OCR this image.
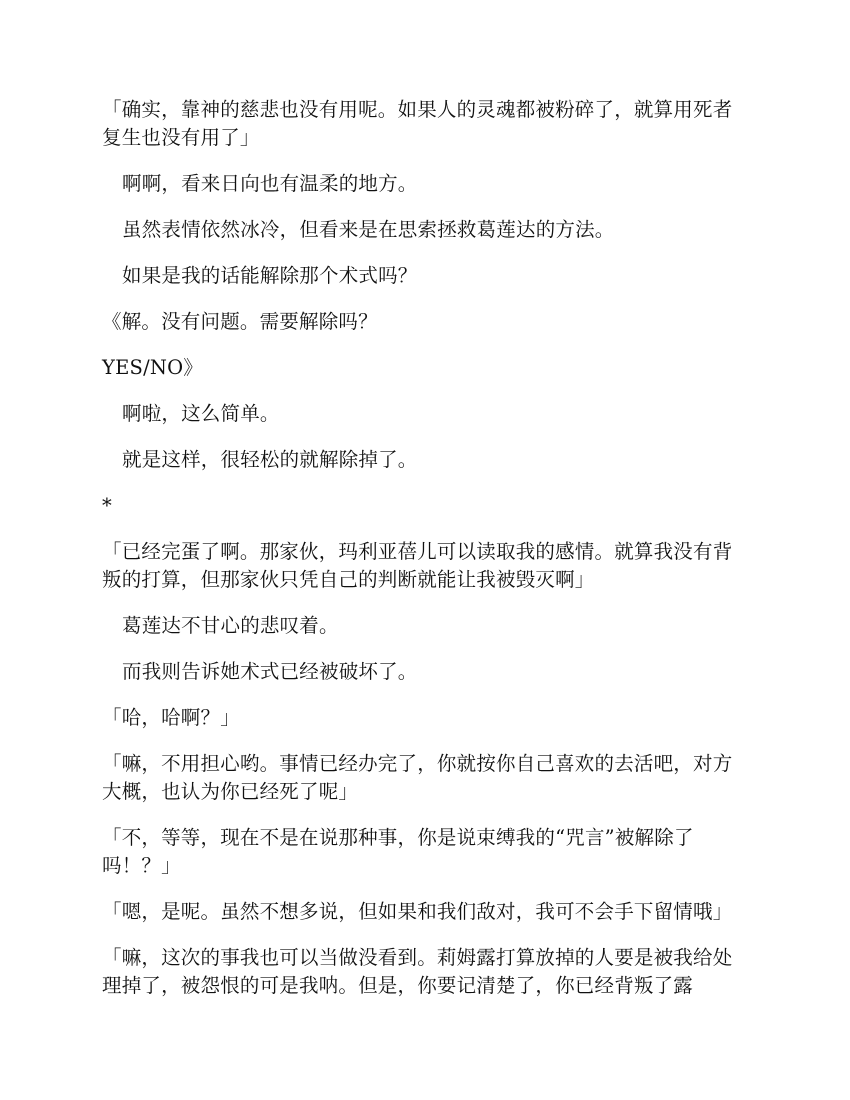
「确实，靠神的慈悲也没有用呢。如果人的灵魂都被粉碎了，就算用死者复生也没有用了」

啊啊，看来日向也有温柔的地方。

虽然表情依然冰冷，但看来是在思索拯救葛莲达的方法。

如果是我的话能解除那个术式吗？

《解。没有问题。需要解除吗？

YES/NO》

啊啦，这么简单。

就是这样，很轻松的就解除掉了。

*

「已经完蛋了啊。那家伙，玛利亚蓓儿可以读取我的感情。就算我没有背叛的打算，但那家伙只凭自己的判断就能让我被毁灭啊」

葛莲达不甘心的悲叹着。

而我则告诉她术式已经被破坏了。

「哈，哈啊？」

「嘛，不用担心哟。事情已经办完了，你就按你自己喜欢的去活吧，对方大概，也认为你已经死了呢」

「不，等等，现在不是在说那种事，你是说束缚我的“咒言”被解除了吗！？」

「嗯，是呢。虽然不想多说，但如果和我们敌对，我可不会手下留情哦」

「嘛，这次的事我也可以当做没看到。莉姆露打算放掉的人要是被我给处理掉了，被怨恨的可是我呐。但是，你要记清楚了，你已经背叛了露
